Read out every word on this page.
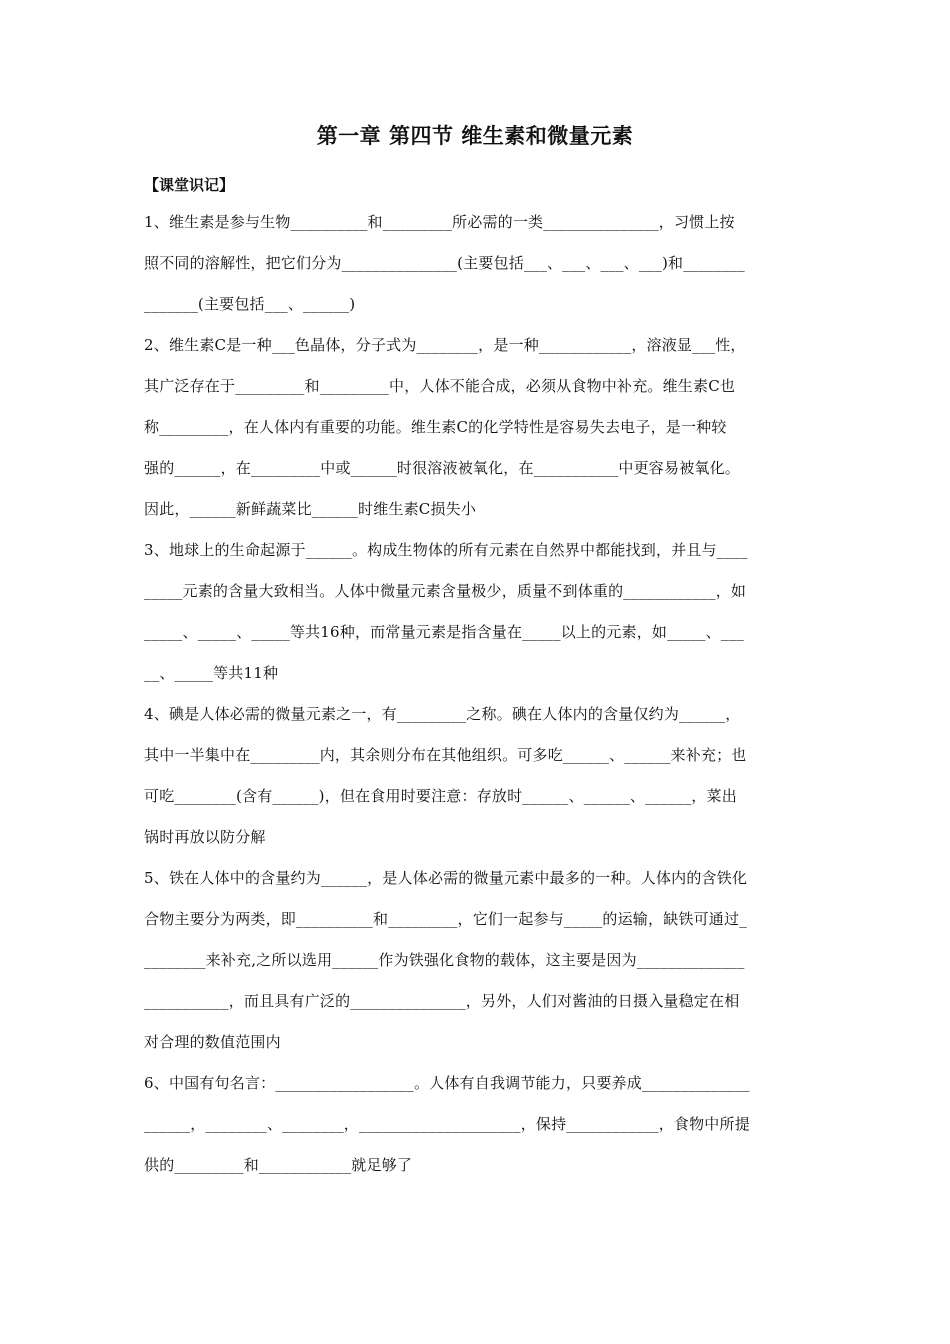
第一章 第四节 维生素和微量元素
【课堂识记】
1、维生素是参与生物__________和_________所必需的一类_______________，习惯上按
照不同的溶解性，把它们分为_______________(主要包括___、___、___、___)和________
_______(主要包括___、______)
2、维生素C是一种___色晶体，分子式为________，是一种____________，溶液显___性，
其广泛存在于_________和_________中，人体不能合成，必须从食物中补充。维生素C也
称_________，在人体内有重要的功能。维生素C的化学特性是容易失去电子，是一种较
强的______，在_________中或______时很溶液被氧化，在___________中更容易被氧化。
因此，______新鲜蔬菜比______时维生素C损失小
3、地球上的生命起源于______。构成生物体的所有元素在自然界中都能找到，并且与____
_____元素的含量大致相当。人体中微量元素含量极少，质量不到体重的____________，如
_____、_____、_____等共16种，而常量元素是指含量在_____以上的元素，如_____、___
__、_____等共11种
4、碘是人体必需的微量元素之一，有_________之称。碘在人体内的含量仅约为______，
其中一半集中在_________内，其余则分布在其他组织。可多吃______、______来补充；也
可吃________(含有______)，但在食用时要注意：存放时______、______、______，菜出
锅时再放以防分解
5、铁在人体中的含量约为______，是人体必需的微量元素中最多的一种。人体内的含铁化
合物主要分为两类，即__________和_________，它们一起参与_____的运输，缺铁可通过_
________来补充,之所以选用______作为铁强化食物的载体，这主要是因为______________
___________，而且具有广泛的_______________，另外，人们对酱油的日摄入量稳定在相
对合理的数值范围内
6、中国有句名言：__________________。人体有自我调节能力，只要养成______________
______，________、________，_____________________，保持____________，食物中所提
供的_________和____________就足够了
